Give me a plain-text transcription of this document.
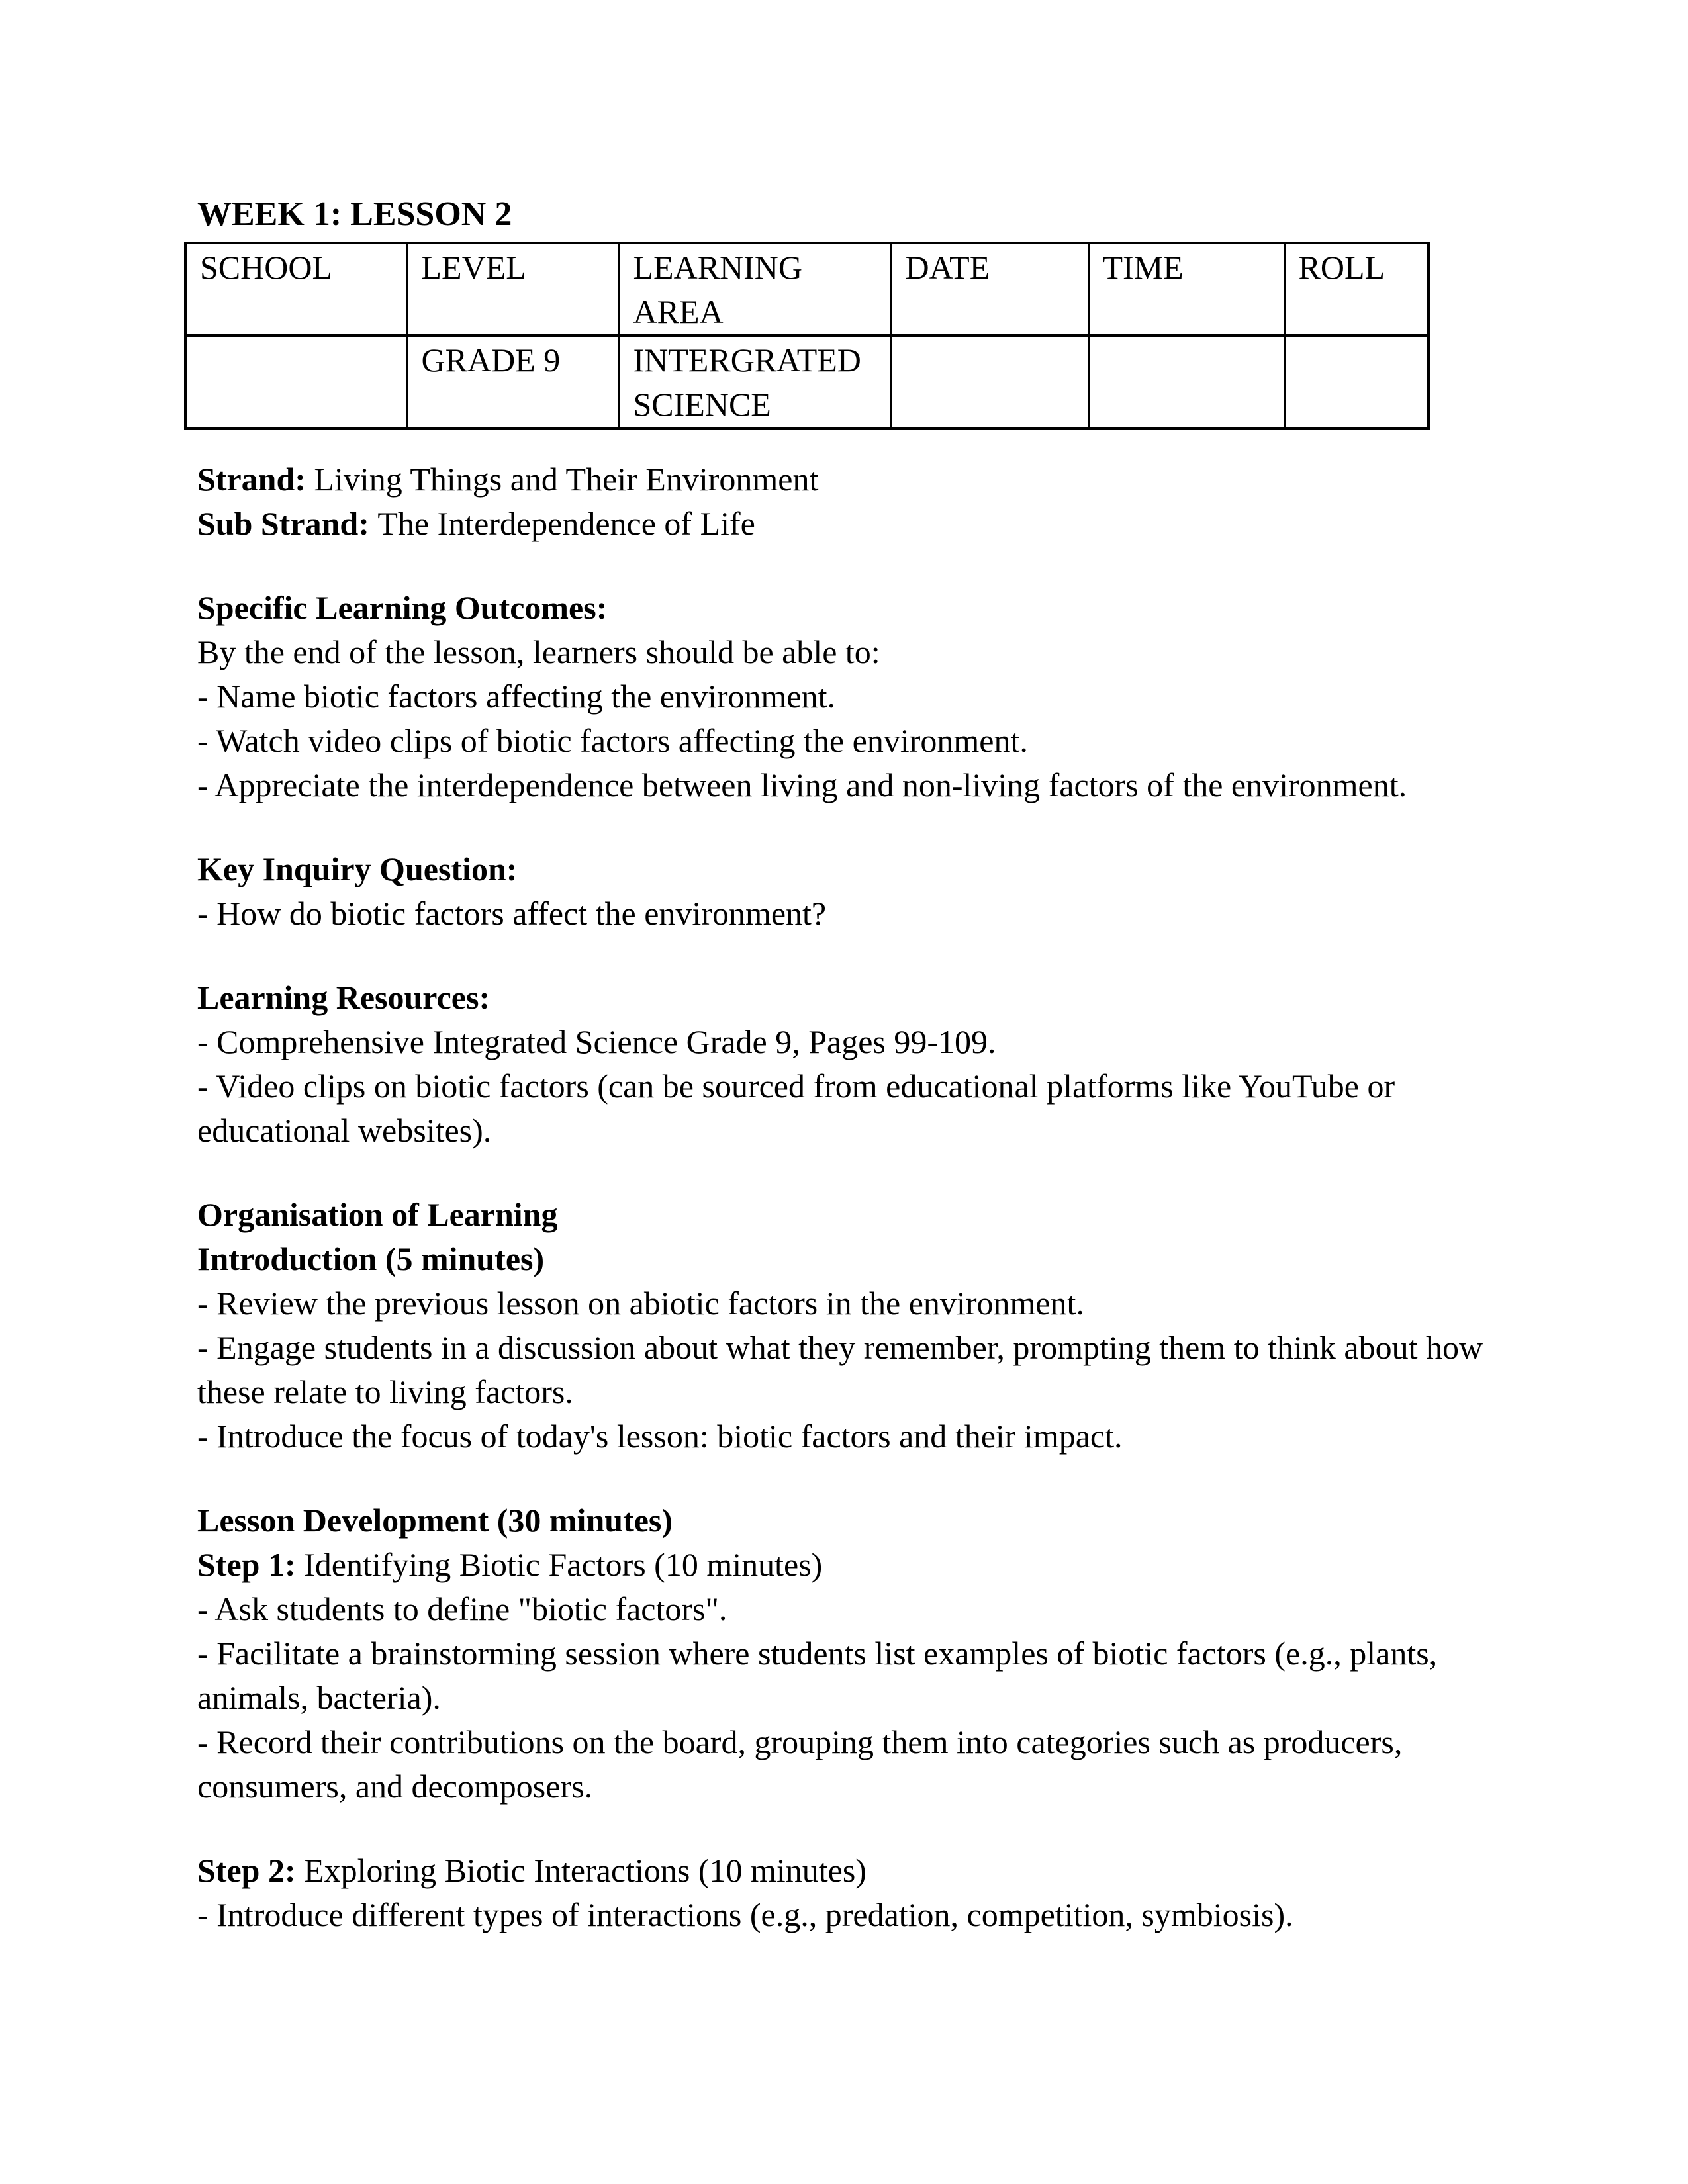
WEEK 1: LESSON 2
SCHOOL	LEVEL	LEARNING AREA	DATE	TIME	ROLL
	GRADE 9	INTERGRATED SCIENCE			
Strand: Living Things and Their Environment
Sub Strand: The Interdependence of Life
Specific Learning Outcomes:
By the end of the lesson, learners should be able to:
- Name biotic factors affecting the environment.
- Watch video clips of biotic factors affecting the environment.
- Appreciate the interdependence between living and non-living factors of the environment.
Key Inquiry Question:
- How do biotic factors affect the environment?
Learning Resources:
- Comprehensive Integrated Science Grade 9, Pages 99-109.
- Video clips on biotic factors (can be sourced from educational platforms like YouTube or
educational websites).
Organisation of Learning
Introduction (5 minutes)
- Review the previous lesson on abiotic factors in the environment.
- Engage students in a discussion about what they remember, prompting them to think about how
these relate to living factors.
- Introduce the focus of today's lesson: biotic factors and their impact.
Lesson Development (30 minutes)
Step 1: Identifying Biotic Factors (10 minutes)
- Ask students to define "biotic factors".
- Facilitate a brainstorming session where students list examples of biotic factors (e.g., plants,
animals, bacteria).
- Record their contributions on the board, grouping them into categories such as producers,
consumers, and decomposers.
Step 2: Exploring Biotic Interactions (10 minutes)
- Introduce different types of interactions (e.g., predation, competition, symbiosis).
